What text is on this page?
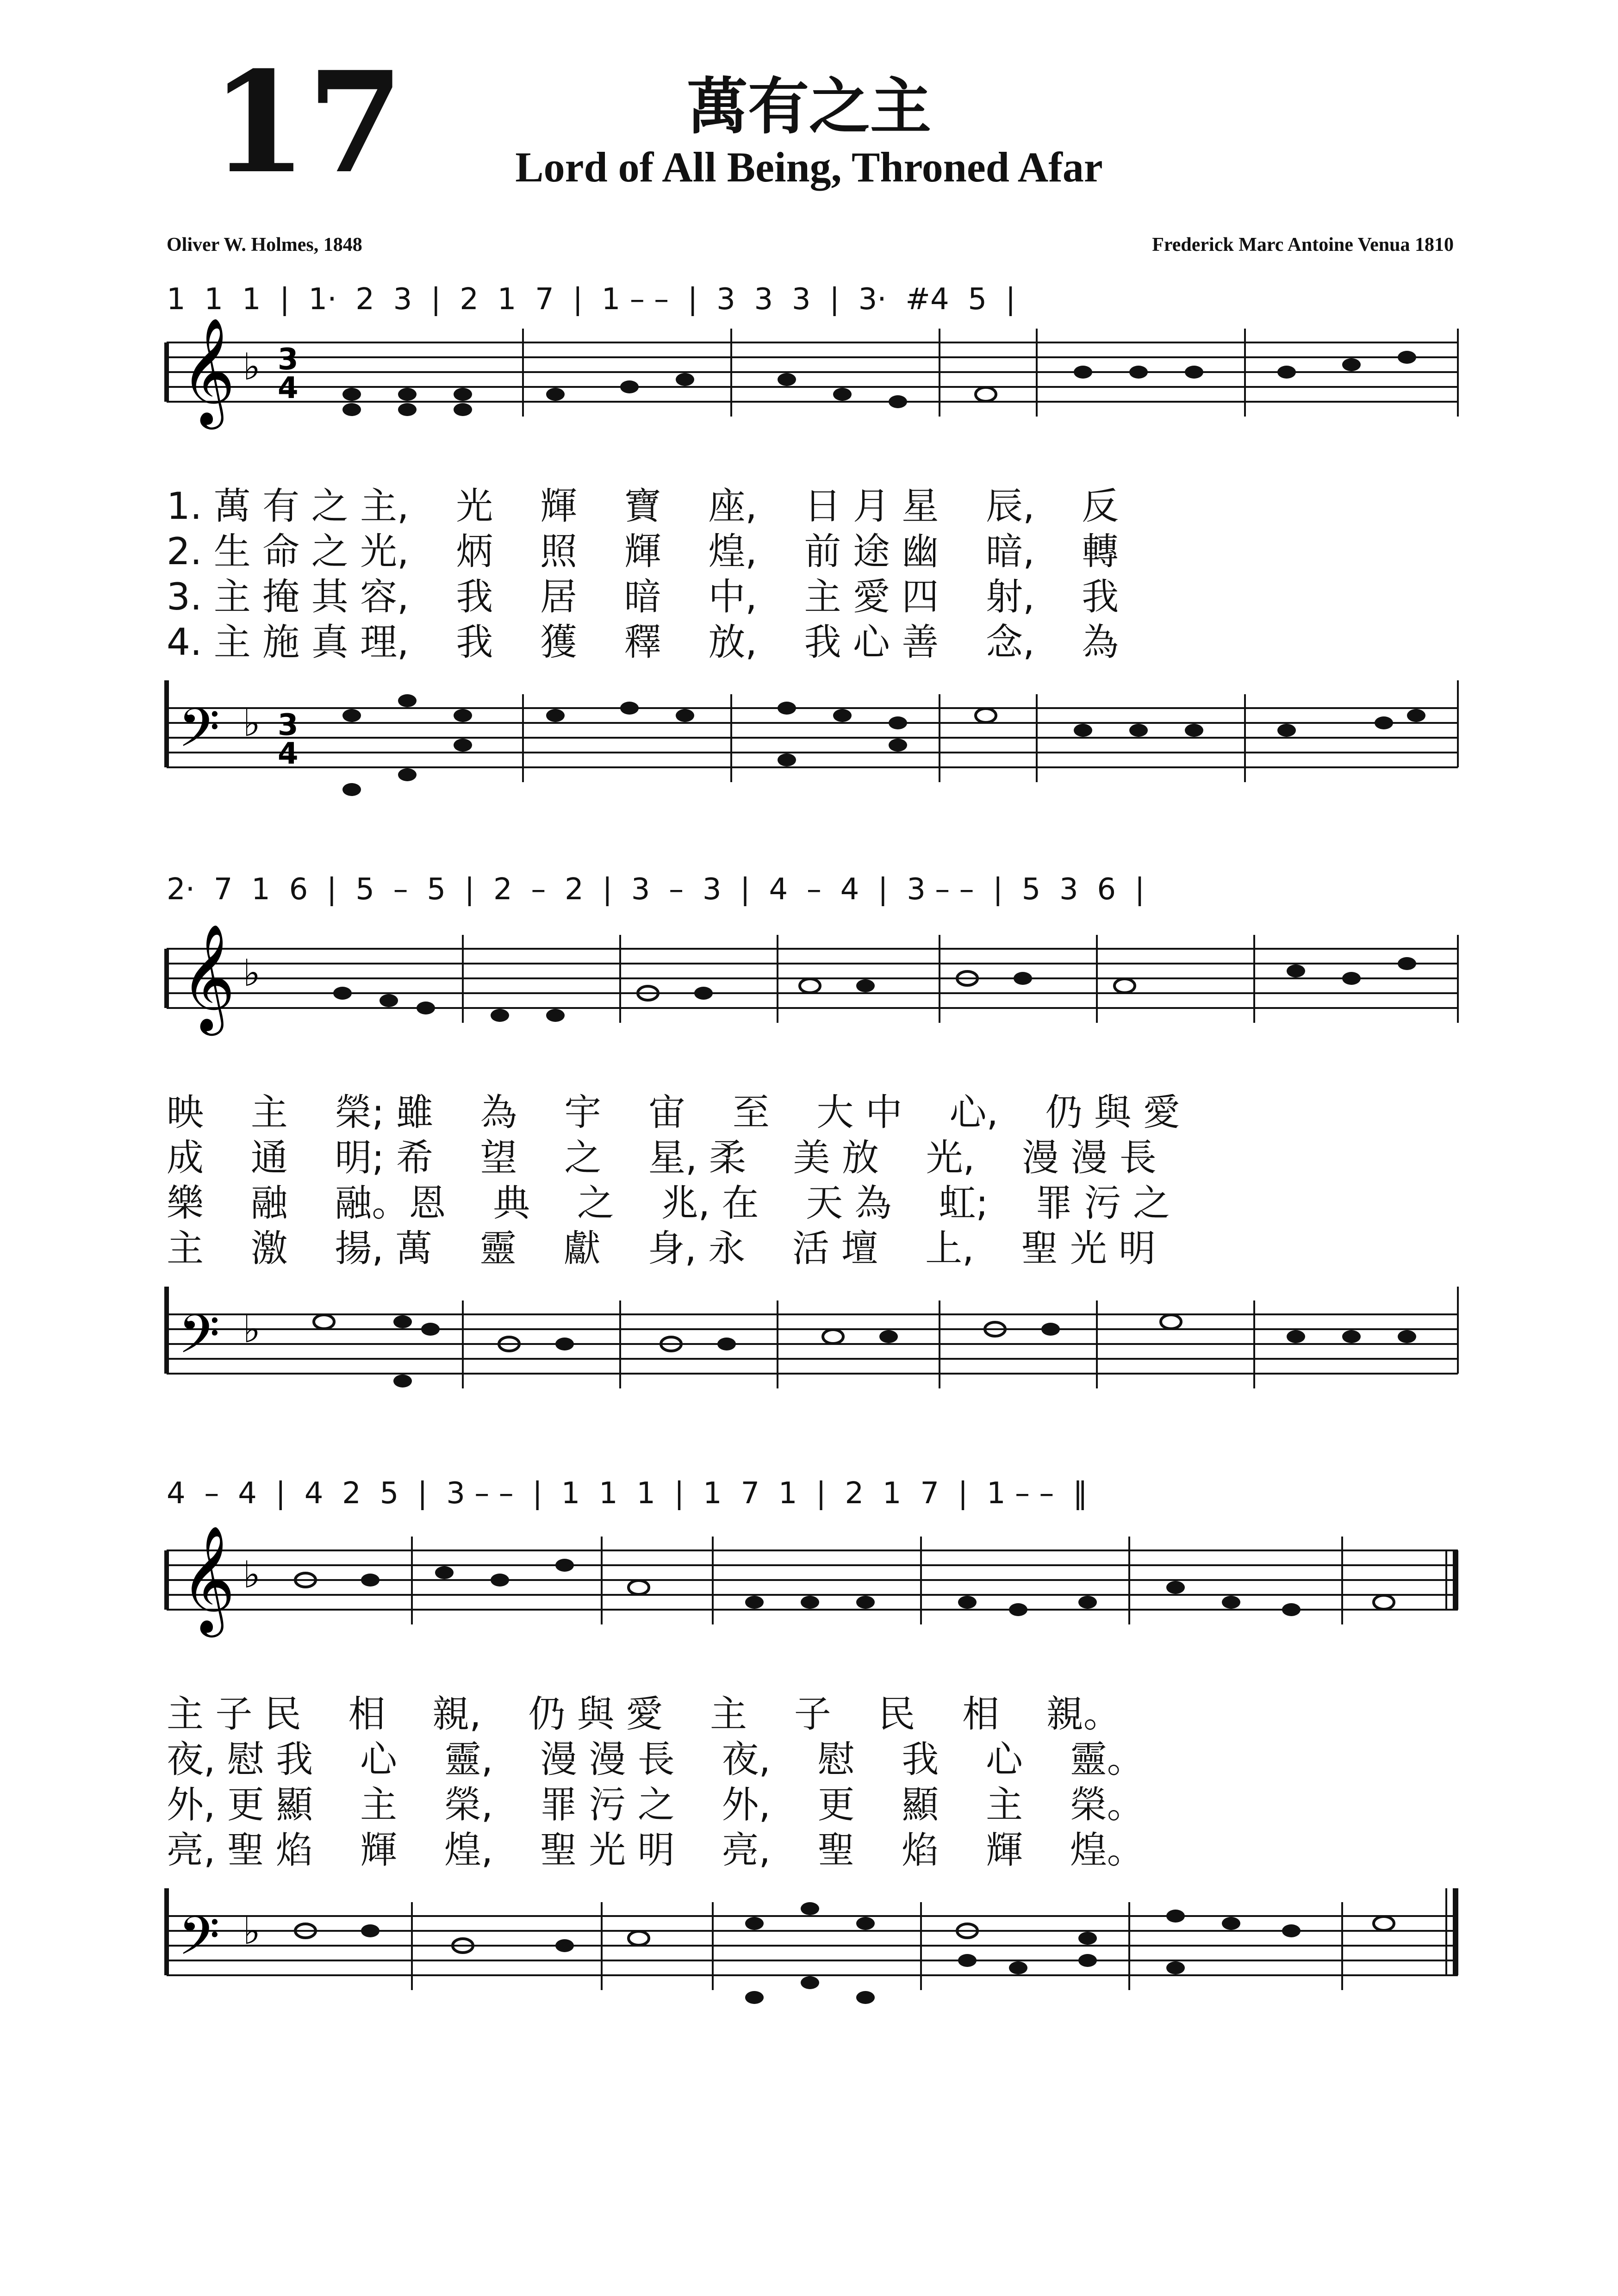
17	萬有之主
Lord of All Being, Throned Afar
Oliver W. Holmes, 1848	Frederick Marc Antoine Venua 1810
1  1  1  |  1·  2  3  |  2  1  7  |  1 – –  |  3  3  3  |  3·  #4  5  |
𝄞 ♭ 3
4
1. 萬 有 之 主,    光    輝    寶    座,    日 月 星    辰,    反
2. 生 命 之 光,    炳    照    輝    煌,    前 途 幽    暗,    轉
3. 主 掩 其 容,    我    居    暗    中,    主 愛 四    射,    我
4. 主 施 真 理,    我    獲    釋    放,    我 心 善    念,    為
𝄢 ♭ 3
4
2·  7  1  6  |  5  –  5  |  2  –  2  |  3  –  3  |  4  –  4  |  3 – –  |  5  3  6  |
𝄞 ♭
映    主    榮; 雖    為    宇    宙    至    大 中    心,    仍 與 愛
成    通    明; 希    望    之    星, 柔    美 放    光,    漫 漫 長
樂    融    融。恩    典    之    兆, 在    天 為    虹;    罪 污 之
主    激    揚, 萬    靈    獻    身, 永    活 壇    上,    聖 光 明
𝄢 ♭
4  –  4  |  4  2  5  |  3 – –  |  1  1  1  |  1  7  1  |  2  1  7  |  1 – –  ‖
𝄞 ♭
主 子 民    相    親,    仍 與 愛    主    子    民    相    親。
夜, 慰 我    心    靈,    漫 漫 長    夜,    慰    我    心    靈。
外, 更 顯    主    榮,    罪 污 之    外,    更    顯    主    榮。
亮, 聖 焰    輝    煌,    聖 光 明    亮,    聖    焰    輝    煌。
𝄢 ♭
